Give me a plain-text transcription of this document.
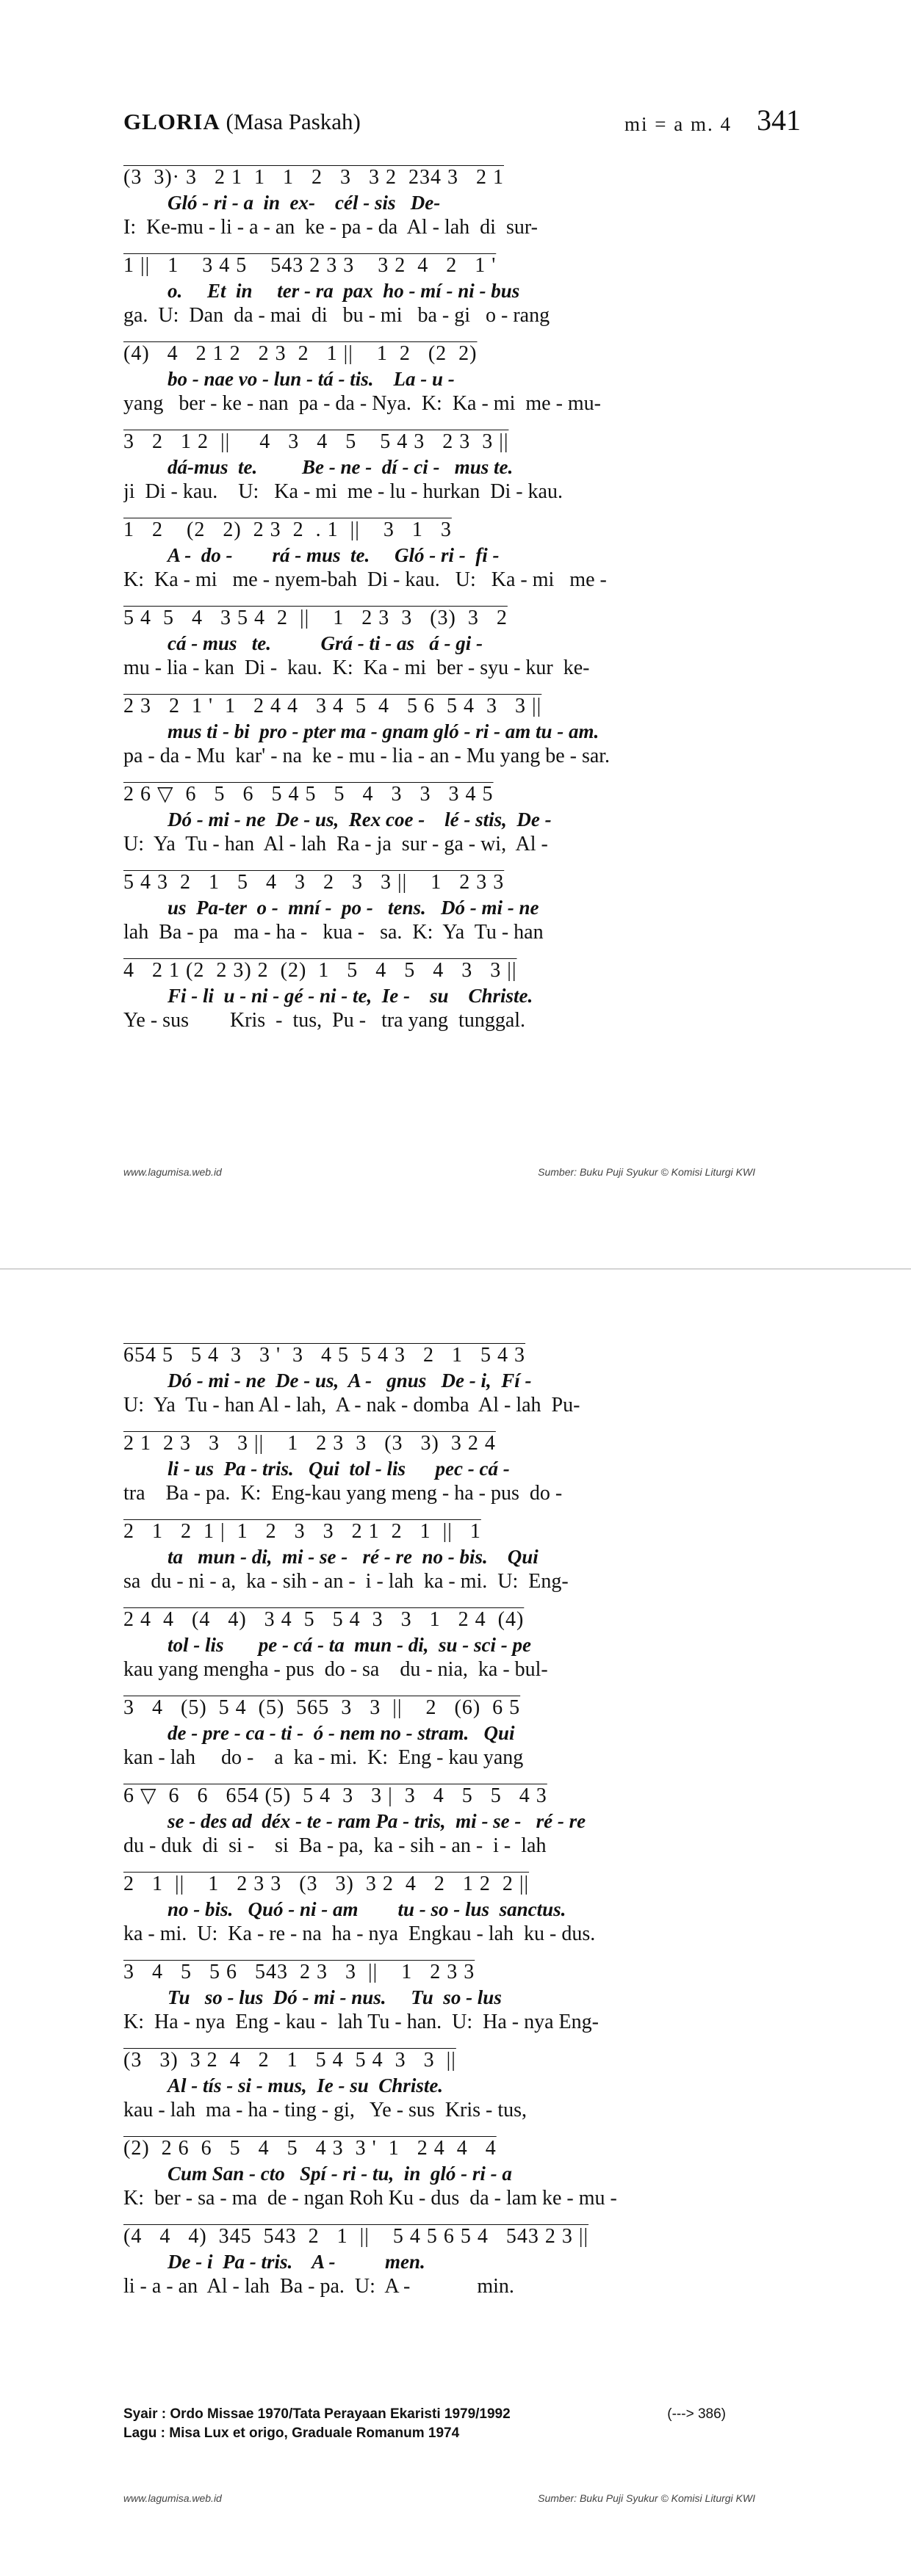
GLORIA (Masa Paskah)	mi = a m. 4 341
(3  3)· 3   2 1  1   1   2   3   3 2  234 3   2 1
Gló - ri - a  in  ex-    cél - sis   De-
I:  Ke-mu - li - a - an  ke - pa - da  Al - lah  di  sur-
1 ||   1    3 4 5    543 2 3 3    3 2  4   2   1 '
o.     Et  in     ter - ra  pax  ho - mí - ni - bus
ga.  U:  Dan  da - mai  di   bu - mi   ba - gi   o - rang
(4)   4   2 1 2   2 3  2   1 ||    1  2   (2  2)
bo - nae vo - lun - tá - tis.    La - u -
yang   ber - ke - nan  pa - da - Nya.  K:  Ka - mi  me - mu-
3   2   1 2  ||     4   3   4   5    5 4 3   2 3  3 ||
dá-mus  te.         Be - ne -  dí - ci -   mus te.
ji  Di - kau.    U:   Ka - mi  me - lu - hurkan  Di - kau.
1   2    (2   2)  2 3  2  . 1  ||    3   1   3
A -  do -        rá - mus  te.     Gló - ri -  fi -
K:  Ka - mi   me - nyem-bah  Di - kau.   U:   Ka - mi   me -
5 4  5   4   3 5 4  2  ||    1   2 3  3   (3)  3   2
cá - mus   te.          Grá - ti - as   á - gi -
mu - lia - kan  Di -  kau.  K:  Ka - mi  ber - syu - kur  ke-
2 3   2  1 '  1   2 4 4   3 4  5  4   5 6  5 4  3   3 ||
mus ti - bi  pro - pter ma - gnam gló - ri - am tu - am.
pa - da - Mu  kar' - na  ke - mu - lia - an - Mu yang be - sar.
2 6 ▽  6   5   6   5 4 5   5   4   3   3   3 4 5
Dó - mi - ne  De - us,  Rex coe -    lé - stis,  De -
U:  Ya  Tu - han  Al - lah  Ra - ja  sur - ga - wi,  Al -
5 4 3  2   1   5   4   3   2   3   3 ||    1   2 3 3
us  Pa-ter  o -  mní -  po -   tens.   Dó - mi - ne
lah  Ba - pa   ma - ha -   kua -   sa.  K:  Ya  Tu - han
4   2 1 (2  2 3) 2  (2)  1   5   4   5   4   3   3 ||
Fi - li  u - ni - gé - ni - te,  Ie -    su    Christe.
Ye - sus        Kris  -  tus,  Pu -   tra yang  tunggal.
www.lagumisa.web.id	Sumber: Buku Puji Syukur © Komisi Liturgi KWI
654 5   5 4  3   3 '  3   4 5  5 4 3   2   1   5 4 3
Dó - mi - ne  De - us,  A -   gnus   De - i,  Fí -
U:  Ya  Tu - han Al - lah,  A - nak - domba  Al - lah  Pu-
2 1  2 3   3   3 ||    1   2 3  3   (3   3)  3 2 4
li - us  Pa - tris.   Qui  tol - lis      pec - cá -
tra    Ba - pa.  K:  Eng-kau yang meng - ha - pus  do -
2   1   2  1 |  1   2   3   3   2 1  2   1  ||   1
ta   mun - di,  mi - se -   ré - re  no - bis.    Qui
sa  du - ni - a,  ka - sih - an -  i - lah  ka - mi.  U:  Eng-
2 4  4   (4   4)   3 4  5   5 4  3   3   1   2 4  (4)
tol - lis       pe - cá - ta  mun - di,  su - sci - pe
kau yang mengha - pus  do - sa    du - nia,  ka - bul-
3   4   (5)  5 4  (5)  565  3   3  ||    2   (6)  6 5
de - pre - ca - ti -  ó - nem no - stram.   Qui
kan - lah     do -    a  ka - mi.  K:  Eng - kau yang
6 ▽  6   6   654 (5)  5 4  3   3 |  3   4   5   5   4 3
se - des ad  déx - te - ram Pa - tris,  mi - se -   ré - re
du - duk  di  si -    si  Ba - pa,  ka - sih - an -  i -  lah
2   1  ||    1   2 3 3   (3   3)  3 2  4   2   1 2  2 ||
no - bis.   Quó - ni - am        tu - so - lus  sanctus.
ka - mi.  U:  Ka - re - na  ha - nya  Engkau - lah  ku - dus.
3   4   5   5 6   543  2 3   3  ||    1   2 3 3
Tu   so - lus  Dó - mi - nus.     Tu  so - lus
K:  Ha - nya  Eng - kau -  lah Tu - han.  U:  Ha - nya Eng-
(3   3)  3 2  4   2   1   5 4  5 4  3   3  ||
Al - tís - si - mus,  Ie - su  Christe.
kau - lah  ma - ha - ting - gi,   Ye - sus  Kris - tus,
(2)  2 6  6   5   4   5   4 3  3 '  1   2 4  4   4
Cum San - cto   Spí - ri - tu,  in  gló - ri - a
K:  ber - sa - ma  de - ngan Roh Ku - dus  da - lam ke - mu -
(4   4   4)  345  543  2   1  ||    5 4 5 6 5 4   543 2 3 ||
De - i  Pa - tris.    A -          men.
li - a - an  Al - lah  Ba - pa.  U:  A -             min.
Syair : Ordo Missae 1970/Tata Perayaan Ekaristi 1979/1992
Lagu : Misa Lux et origo, Graduale Romanum 1974
(---> 386)
www.lagumisa.web.id	Sumber: Buku Puji Syukur © Komisi Liturgi KWI
